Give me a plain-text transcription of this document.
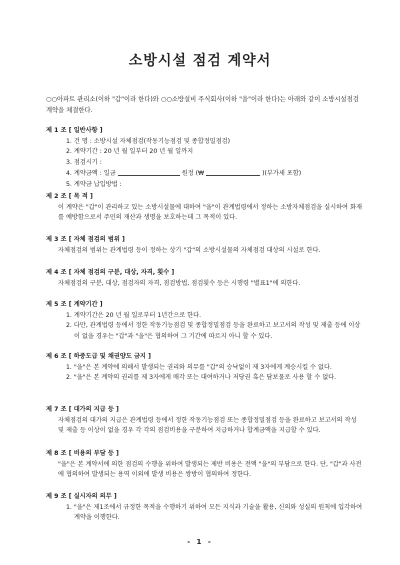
소방시설 점검 계약서
○○아파트 관리소(이하 "갑"이라 한다)와 ○○소방설비 주식회사(이하 "을"이라 한다)는 아래와 같이 소방시설점검 계약을 체결한다.
제 1 조 [ 일반사항 ]
1. 건 명 : 소방시설 자체점검(작동기능점검 및 종합정밀점검)
2. 계약기간 : 20 년 월 일부터 20 년 월 일까지
3. 점검시기 :
4. 계약금액 : 일금	원정 (₩	)(부가세 포함)
5. 계약금 납입방법 :
제 2 조 [ 목 적 ]
이 계약은 "갑"이 관리하고 있는 소방시설물에 대하여 "을"이 관계법령에서 정하는 소방자체점검을 실시하여 화재를 예방함으로서 주민의 재산과 생명을 보호하는데 그 목적이 있다.
제 3 조 [ 자체 점검의 범위 ]
자체점검의 범위는 관계법령 등이 정하는 상기 "갑"의 소방시설물의 자체점검 대상의 시설로 한다.
제 4 조 [ 자체 점검의 구분, 대상, 자격, 횟수 ]
자체점검의 구분, 대상, 점검자의 자격, 점검방법, 점검횟수 등은 시행령 "별표1"에 의한다.
제 5 조 [ 계약기간 ]
1. 계약기간은 20 년 월 일로부터 1년간으로 한다.
2. 다만, 관계법령 등에서 정한 작동기능점검 및 종합정밀점검 등을 완료하고 보고서의 작성 및 제출 등에 이상이 없을 경우는 "갑"과 "을"은 협의하여 그 기간에 따르지 아니 할 수 있다.
제 6 조 [ 하중도급 및 채권양도 금지 ]
1. "을"은 본 계약에 의해서 발생되는 권리와 의무를 "갑"의 승낙없이 제 3자에게 계승시킬 수 없다.
2. "을"은 본 계약의 권리를 제 3자에게 매각 또는 대여하거나 저당권 혹은 담보물로 사용 할 수 없다.
제 7 조 [ 대가의 지급 등 ]
자체점검의 대가의 지급은 관계법령 등에서 정한 작동기능점검 또는 종합정밀점검 등을 완료하고 보고서의 작성 및 제출 등 이상이 없을 경우 각 각의 점검비용을 구분하여 지급하거나 합계금액을 지급할 수 있다.
제 8 조 [ 비용의 부담 등 ]
"을"은 본 계약서에 의한 점검의 수행을 위하여 발생되는 제반 비용은 전액 "을"의 부담으로 한다. 단, "갑"과 사전에 협의하여 발생되는 용역 이외에 발생 비용은 쌍방이 협의하여 정한다.
제 9 조 [ 실시자의 의무 ]
1. "을"은 제1조에서 규정한 목적을 수행하기 위하여 모든 지식과 기술을 활용, 신의와 성실의 원칙에 입각하여 계약을 이행한다.
- 1 -
